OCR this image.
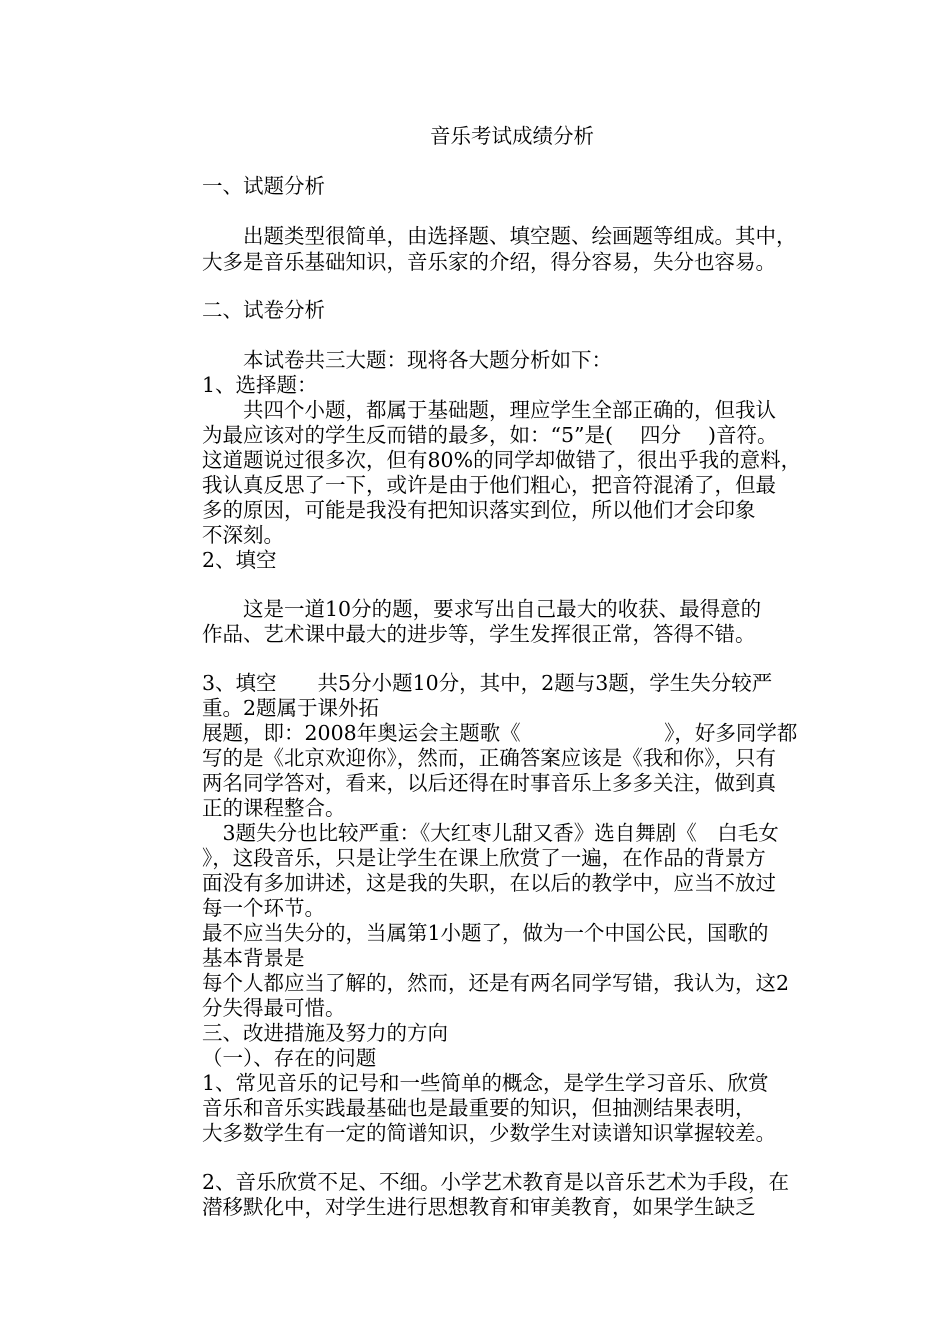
音乐考试成绩分析
一、试题分析
　　出题类型很简单，由选择题、填空题、绘画题等组成。其中，
大多是音乐基础知识，音乐家的介绍，得分容易，失分也容易。
二、试卷分析
　　本试卷共三大题：现将各大题分析如下：
1、选择题：
　　共四个小题，都属于基础题，理应学生全部正确的，但我认
为最应该对的学生反而错的最多，如：“5”是(　 四分　 )音符。
这道题说过很多次，但有80%的同学却做错了，很出乎我的意料，
我认真反思了一下，或许是由于他们粗心，把音符混淆了，但最
多的原因，可能是我没有把知识落实到位，所以他们才会印象
不深刻。
2、填空
　　这是一道10分的题，要求写出自己最大的收获、最得意的
作品、艺术课中最大的进步等，学生发挥很正常，答得不错。
3、填空　　共5分小题10分，其中，2题与3题，学生失分较严
重。2题属于课外拓
展题，即：2008年奥运会主题歌《　　　　　　　》，好多同学都
写的是《北京欢迎你》，然而，正确答案应该是《我和你》，只有
两名同学答对，看来，以后还得在时事音乐上多多关注，做到真
正的课程整合。
　3题失分也比较严重：《大红枣儿甜又香》选自舞剧《　白毛女
》，这段音乐，只是让学生在课上欣赏了一遍，在作品的背景方
面没有多加讲述，这是我的失职，在以后的教学中，应当不放过
每一个环节。
最不应当失分的，当属第1小题了，做为一个中国公民，国歌的
基本背景是
每个人都应当了解的，然而，还是有两名同学写错，我认为，这2
分失得最可惜。
三、改进措施及努力的方向
（一）、存在的问题
1、常见音乐的记号和一些简单的概念，是学生学习音乐、欣赏
音乐和音乐实践最基础也是最重要的知识，但抽测结果表明，
大多数学生有一定的简谱知识，少数学生对读谱知识掌握较差。
2、音乐欣赏不足、不细。小学艺术教育是以音乐艺术为手段，在
潜移默化中，对学生进行思想教育和审美教育，如果学生缺乏
